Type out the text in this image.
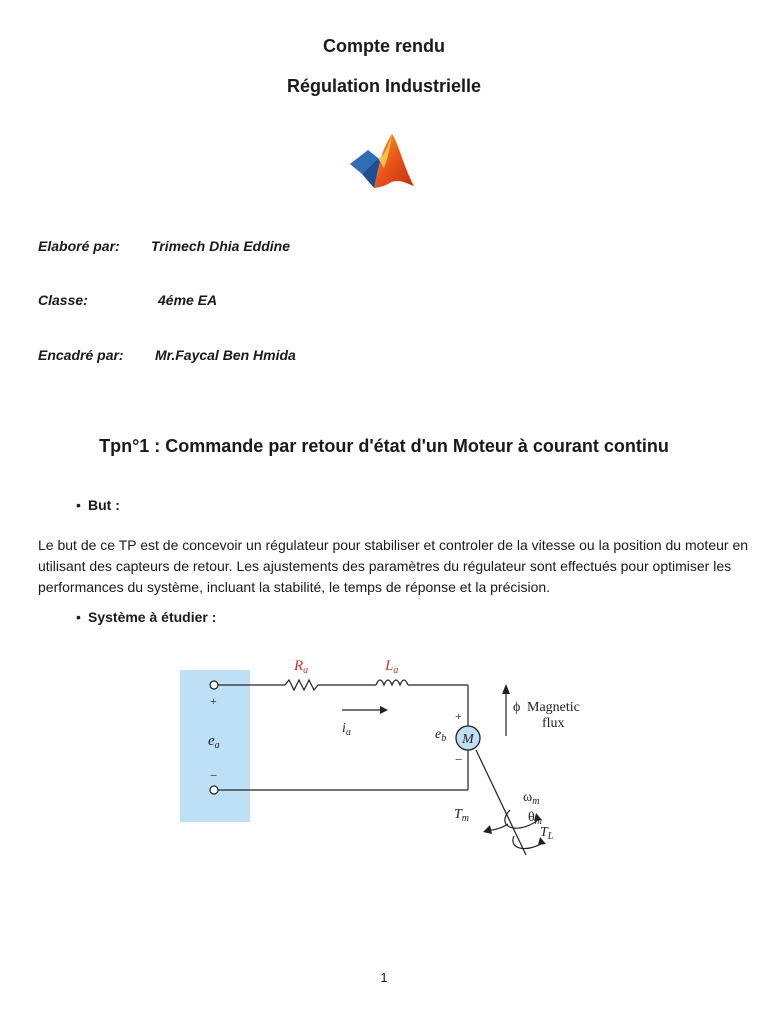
Compte rendu
Régulation Industrielle
Elaboré par: Trimech Dhia Eddine
Classe:	4éme EA
Encadré par: Mr.Faycal Ben Hmida
Tpn°1 : Commande par retour d'état d'un Moteur à courant continu
• But :
Le but de ce TP est de concevoir un régulateur pour stabiliser et controler de la vitesse ou la position du moteur en utilisant des capteurs de retour. Les ajustements des paramètres du régulateur sont effectués pour optimiser les performances du système, incluant la stabilité, le temps de réponse et la précision.
• Système à étudier :
M
$R_a$	$L_a$
$i_a$
$e_a$
$e_b$
+
−
+
−
ϕ Magnetic
flux
$\omega_m$
$\theta_m$
$T_m$
$T_L$
1
